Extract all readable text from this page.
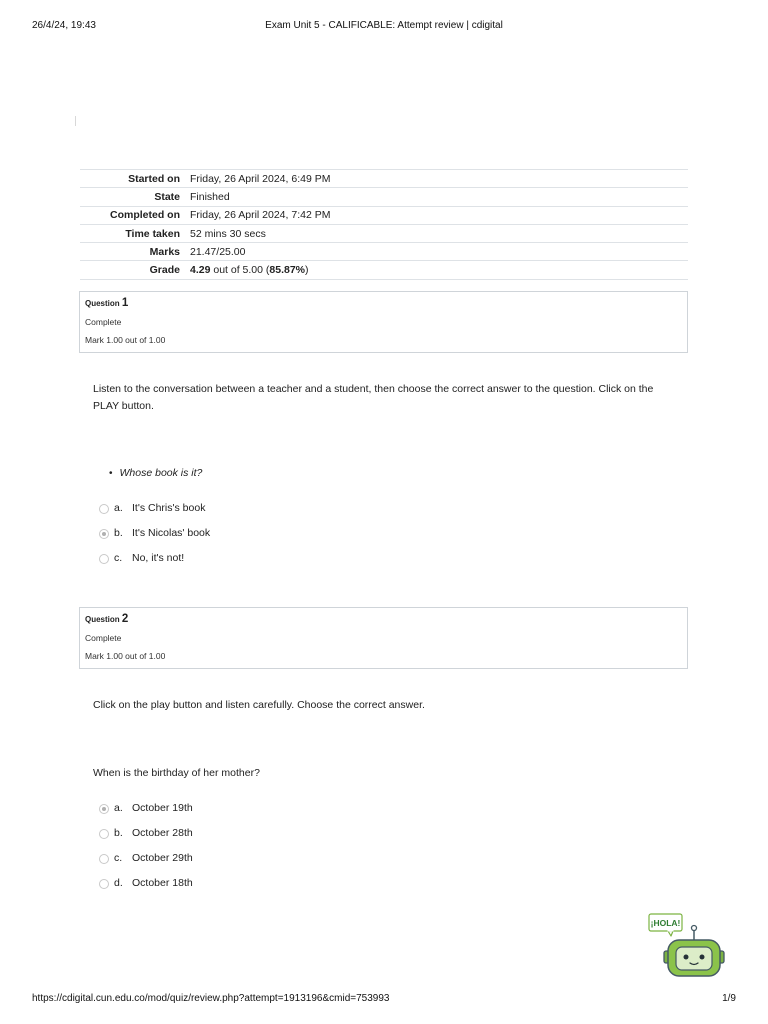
26/4/24, 19:43	Exam Unit 5 - CALIFICABLE: Attempt review | cdigital
Started on	Friday, 26 April 2024, 6:49 PM
State	Finished
Completed on	Friday, 26 April 2024, 7:42 PM
Time taken	52 mins 30 secs
Marks	21.47/25.00
Grade	4.29 out of 5.00 (85.87%)
Question 1
Complete
Mark 1.00 out of 1.00
Listen to the conversation between a teacher and a student, then choose the correct answer to the question. Click on the PLAY button.
• Whose book is it?
a. It's Chris's book
b. It's Nicolas' book
c. No, it's not!
Question 2
Complete
Mark 1.00 out of 1.00
Click on the play button and listen carefully. Choose the correct answer.
When is the birthday of her mother?
a. October 19th
b. October 28th
c. October 29th
d. October 18th
¡HOLA!
https://cdigital.cun.edu.co/mod/quiz/review.php?attempt=1913196&cmid=753993	1/9
